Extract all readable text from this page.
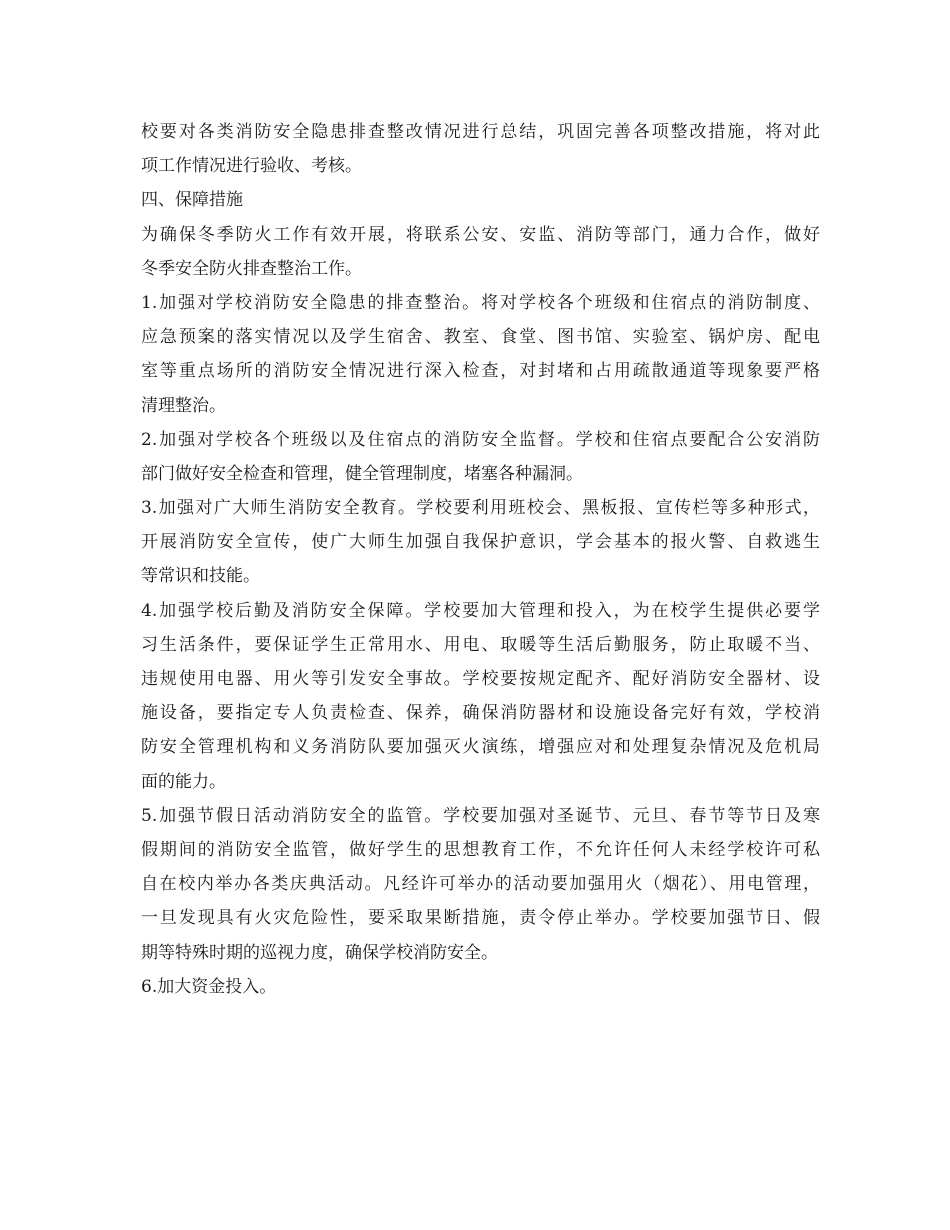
校要对各类消防安全隐患排查整改情况进行总结，巩固完善各项整改措施，将对此

项工作情况进行验收、考核。

四、保障措施

为确保冬季防火工作有效开展，将联系公安、安监、消防等部门，通力合作，做好

冬季安全防火排查整治工作。

1.加强对学校消防安全隐患的排查整治。将对学校各个班级和住宿点的消防制度、

应急预案的落实情况以及学生宿舍、教室、食堂、图书馆、实验室、锅炉房、配电

室等重点场所的消防安全情况进行深入检查，对封堵和占用疏散通道等现象要严格

清理整治。

2.加强对学校各个班级以及住宿点的消防安全监督。学校和住宿点要配合公安消防

部门做好安全检查和管理，健全管理制度，堵塞各种漏洞。

3.加强对广大师生消防安全教育。学校要利用班校会、黑板报、宣传栏等多种形式，

开展消防安全宣传，使广大师生加强自我保护意识，学会基本的报火警、自救逃生

等常识和技能。

4.加强学校后勤及消防安全保障。学校要加大管理和投入，为在校学生提供必要学

习生活条件，要保证学生正常用水、用电、取暖等生活后勤服务，防止取暖不当、

违规使用电器、用火等引发安全事故。学校要按规定配齐、配好消防安全器材、设

施设备，要指定专人负责检查、保养，确保消防器材和设施设备完好有效，学校消

防安全管理机构和义务消防队要加强灭火演练，增强应对和处理复杂情况及危机局

面的能力。

5.加强节假日活动消防安全的监管。学校要加强对圣诞节、元旦、春节等节日及寒

假期间的消防安全监管，做好学生的思想教育工作，不允许任何人未经学校许可私

自在校内举办各类庆典活动。凡经许可举办的活动要加强用火（烟花）、用电管理，

一旦发现具有火灾危险性，要采取果断措施，责令停止举办。学校要加强节日、假

期等特殊时期的巡视力度，确保学校消防安全。

6.加大资金投入。
